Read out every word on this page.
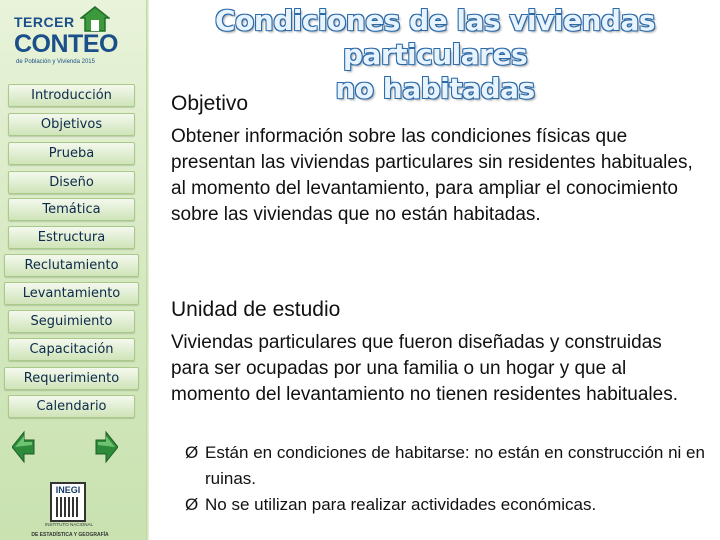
TERCER
CONTEO
de Población y Vivienda 2015
Introducción
Objetivos
Prueba
Diseño
Temática
Estructura
Reclutamiento
Levantamiento
Seguimiento
Capacitación
Requerimiento
Calendario
INEGI
INSTITUTO NACIONAL
DE ESTADÍSTICA Y GEOGRAFÍA
Condiciones de las viviendas particulares
no habitadas
Objetivo
Obtener información sobre las condiciones físicas que presentan las viviendas particulares sin residentes habituales, al momento del levantamiento, para ampliar el conocimiento sobre las viviendas que no están habitadas.
Unidad de estudio
Viviendas particulares que fueron diseñadas y construidas para ser ocupadas por una familia o un hogar y que al momento del levantamiento no tienen residentes habituales.
Ø Están en condiciones de habitarse: no están en construcción ni en ruinas.
Ø No se utilizan para realizar actividades económicas.
